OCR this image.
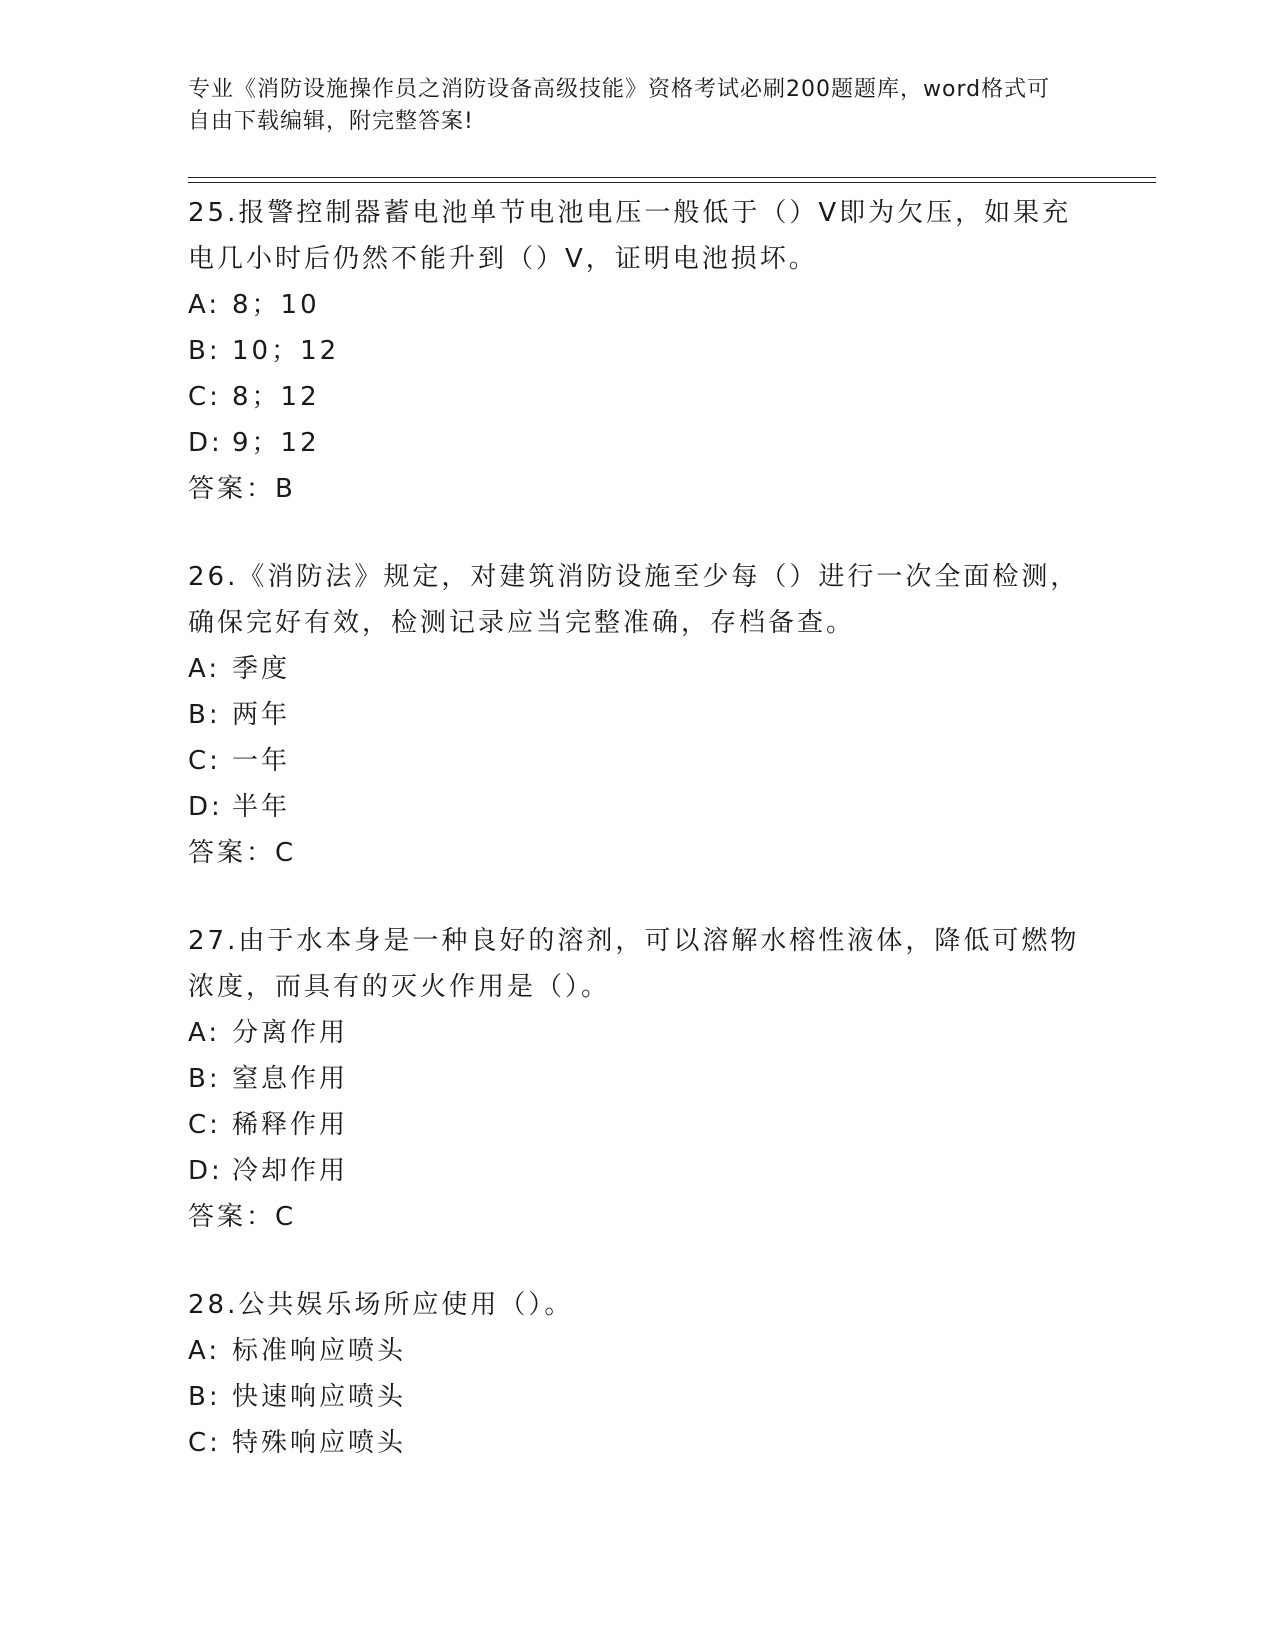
专业《消防设施操作员之消防设备高级技能》资格考试必刷200题题库，word格式可自由下载编辑，附完整答案!
25.报警控制器蓄电池单节电池电压一般低于（）V即为欠压，如果充电几小时后仍然不能升到（）V，证明电池损坏。
A: 8；10
B: 10；12
C: 8；12
D: 9；12
答案：B
26.《消防法》规定，对建筑消防设施至少每（）进行一次全面检测，确保完好有效，检测记录应当完整准确，存档备查。
A: 季度
B: 两年
C: 一年
D: 半年
答案：C
27.由于水本身是一种良好的溶剂，可以溶解水榕性液体，降低可燃物浓度，而具有的灭火作用是（）。
A: 分离作用
B: 窒息作用
C: 稀释作用
D: 冷却作用
答案：C
28.公共娱乐场所应使用（）。
A: 标准响应喷头
B: 快速响应喷头
C: 特殊响应喷头
